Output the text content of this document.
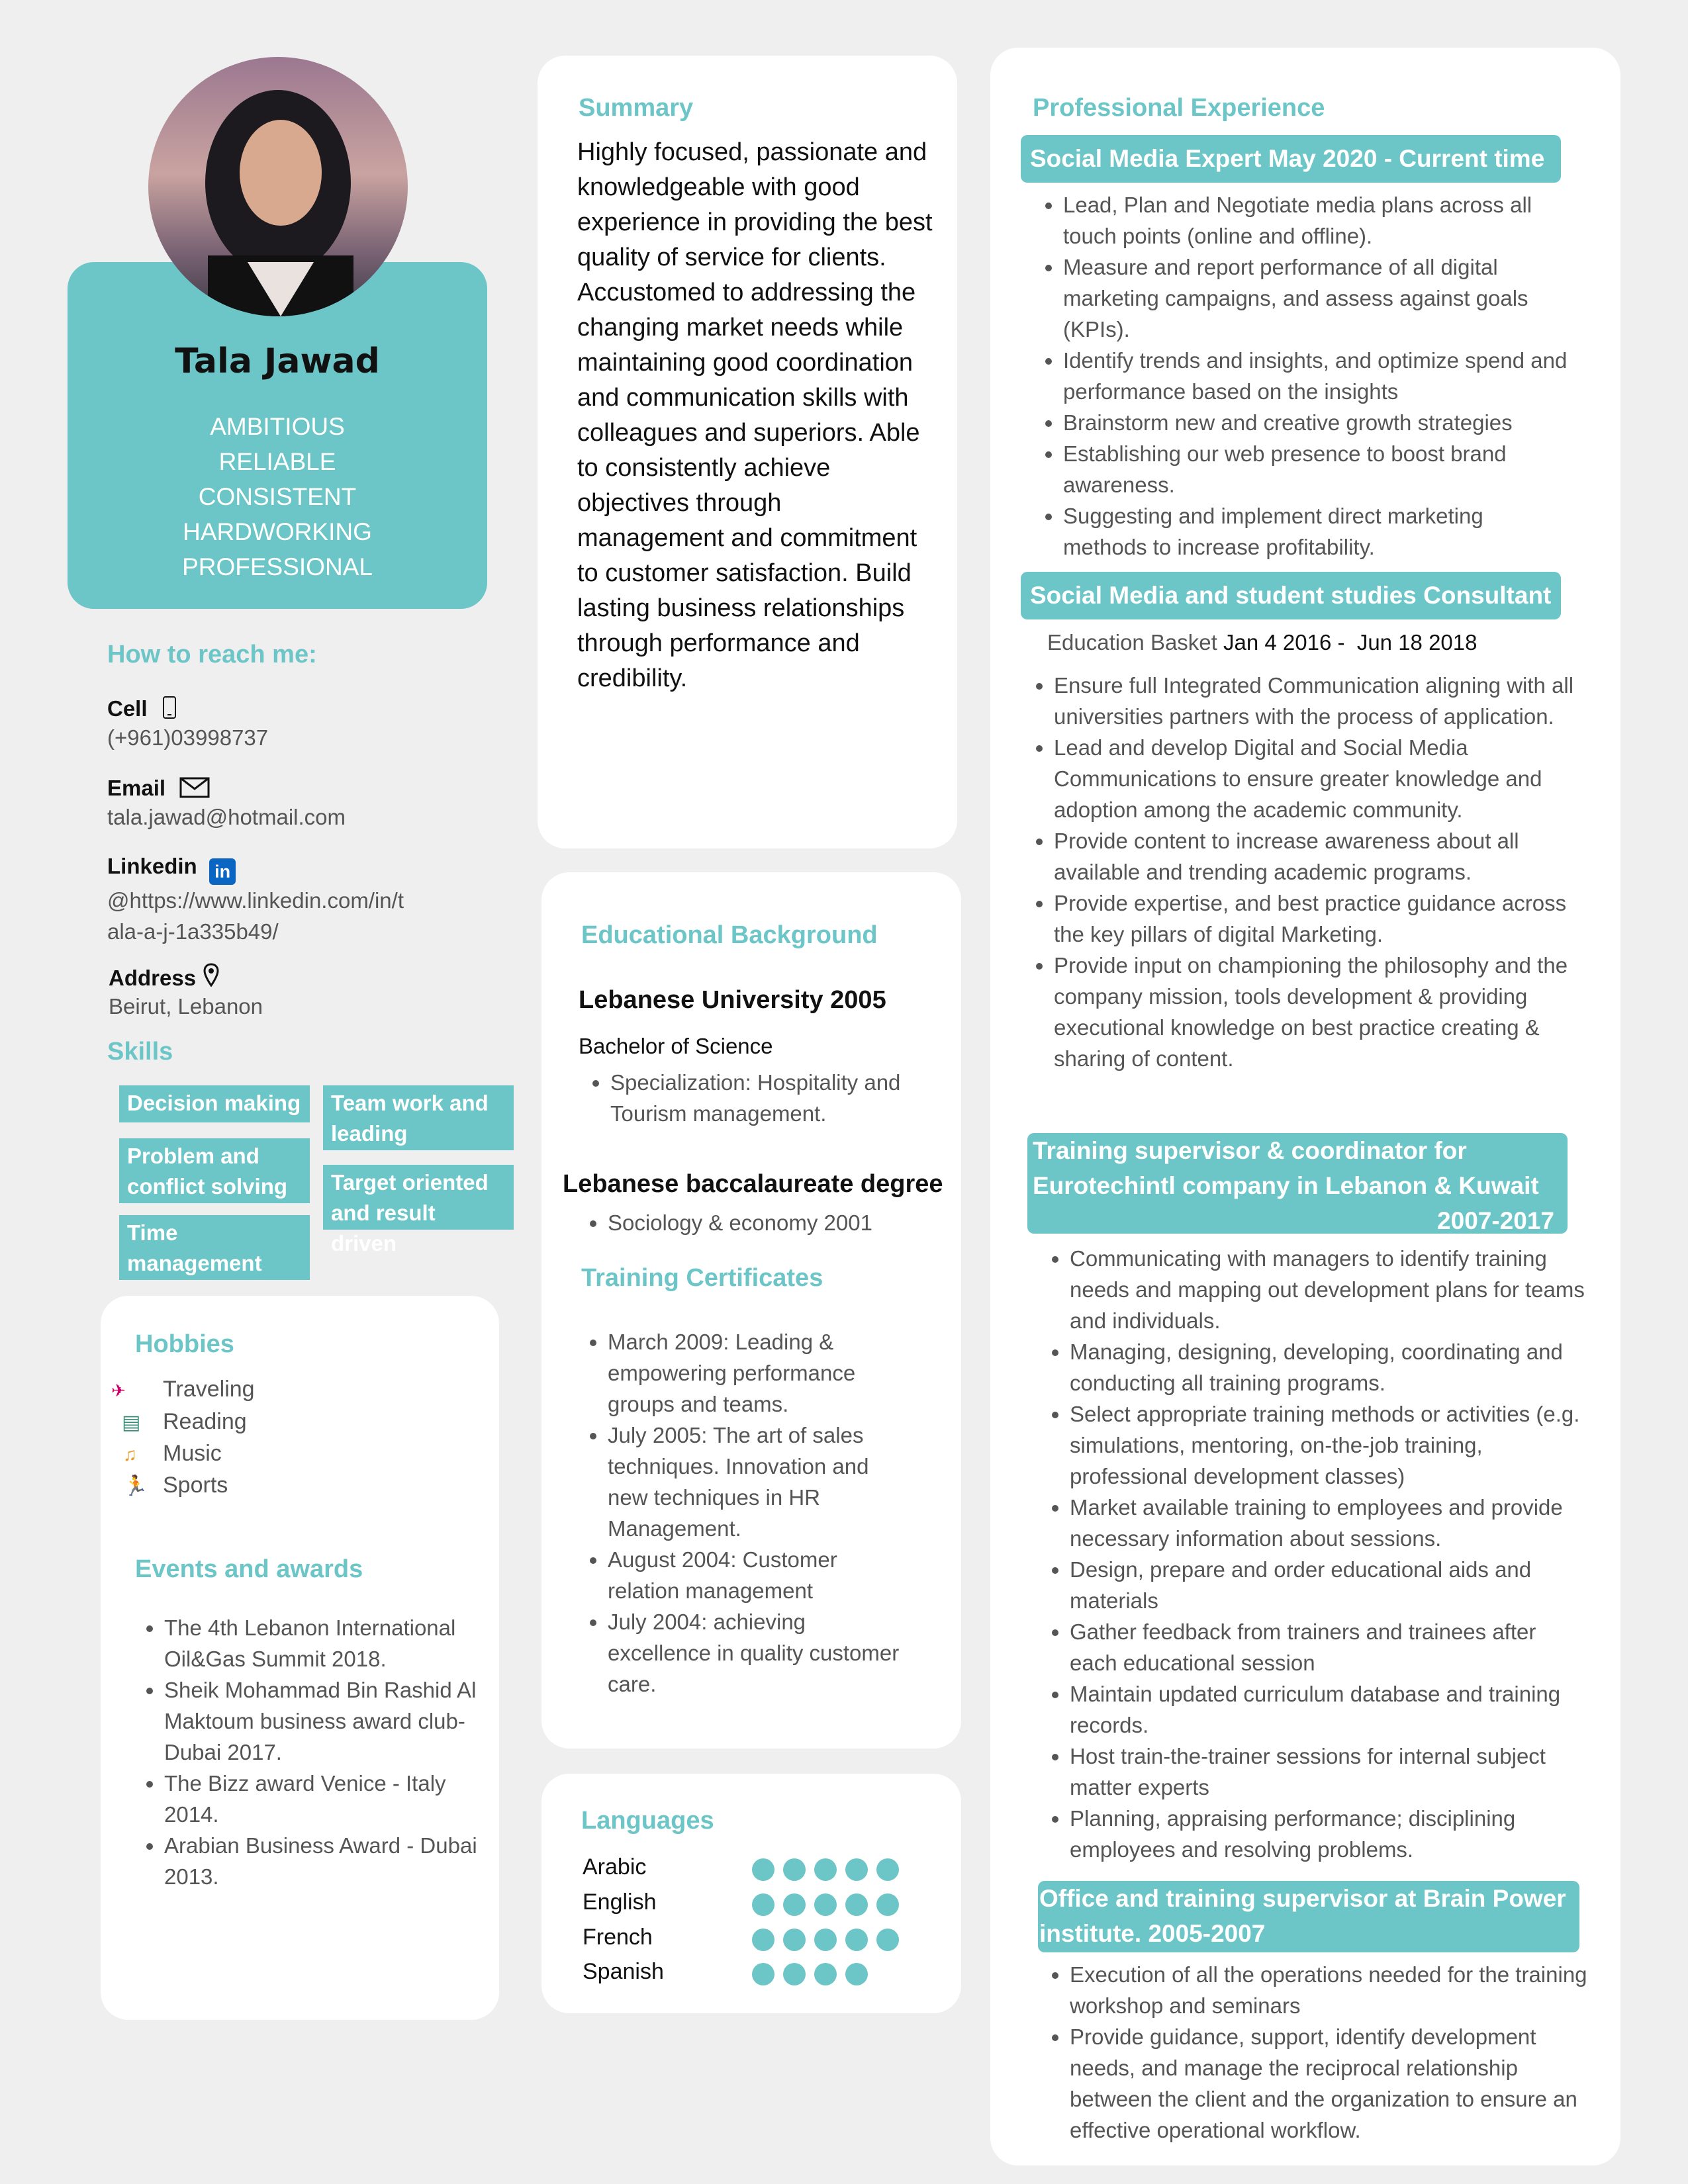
Tala Jawad
AMBITIOUS
RELIABLE
CONSISTENT
HARDWORKING
PROFESSIONAL
How to reach me:
Cell
(+961)03998737
Email
tala.jawad@hotmail.com
Linkedin in
@https://www.linkedin.com/in/t
ala-a-j-1a335b49/
Address
Beirut, Lebanon
Skills
Decision making	Team work and leading
Problem and conflict solving	Target oriented and result driven
Time management
Hobbies
✈ Traveling
▤ Reading
♫ Music
🏃 Sports
Events and awards
• The 4th Lebanon International Oil&Gas Summit 2018.
• Sheik Mohammad Bin Rashid Al Maktoum business award club- Dubai 2017.
• The Bizz award Venice - Italy 2014.
• Arabian Business Award - Dubai 2013.
Summary
Highly focused, passionate and knowledgeable with good experience in providing the best quality of service for clients. Accustomed to addressing the changing market needs while maintaining good coordination and communication skills with colleagues and superiors. Able to consistently achieve objectives through management and commitment to customer satisfaction. Build lasting business relationships through performance and credibility.
Educational Background
Lebanese University 2005
Bachelor of Science
• Specialization: Hospitality and Tourism management.
Lebanese baccalaureate degree
• Sociology & economy 2001
Training Certificates
• March 2009: Leading & empowering performance groups and teams.
• July 2005: The art of sales techniques. Innovation and new techniques in HR Management.
• August 2004: Customer relation management
• July 2004: achieving excellence in quality customer care.
Languages
Arabic
English
French
Spanish
Professional Experience
Social Media Expert May 2020 - Current time
• Lead, Plan and Negotiate media plans across all touch points (online and offline).
• Measure and report performance of all digital marketing campaigns, and assess against goals (KPIs).
• Identify trends and insights, and optimize spend and performance based on the insights
• Brainstorm new and creative growth strategies
• Establishing our web presence to boost brand awareness.
• Suggesting and implement direct marketing methods to increase profitability.
Social Media and student studies Consultant
Education Basket Jan 4 2016 -  Jun 18 2018
• Ensure full Integrated Communication aligning with all universities partners with the process of application.
• Lead and develop Digital and Social Media Communications to ensure greater knowledge and adoption among the academic community.
• Provide content to increase awareness about all available and trending academic programs.
• Provide expertise, and best practice guidance across the key pillars of digital Marketing.
• Provide input on championing the philosophy and the company mission, tools development & providing executional knowledge on best practice creating & sharing of content.
Training supervisor & coordinator for
Eurotechintl company in Lebanon & Kuwait
2007-2017
• Communicating with managers to identify training needs and mapping out development plans for teams and individuals.
• Managing, designing, developing, coordinating and conducting all training programs.
• Select appropriate training methods or activities (e.g. simulations, mentoring, on-the-job training, professional development classes)
• Market available training to employees and provide necessary information about sessions.
• Design, prepare and order educational aids and materials
• Gather feedback from trainers and trainees after each educational session
• Maintain updated curriculum database and training records.
• Host train-the-trainer sessions for internal subject matter experts
• Planning, appraising performance; disciplining employees and resolving problems.
Office and training supervisor at Brain Power
institute. 2005-2007
• Execution of all the operations needed for the training workshop and seminars
• Provide guidance, support, identify development needs, and manage the reciprocal relationship between the client and the organization to ensure an effective operational workflow.
